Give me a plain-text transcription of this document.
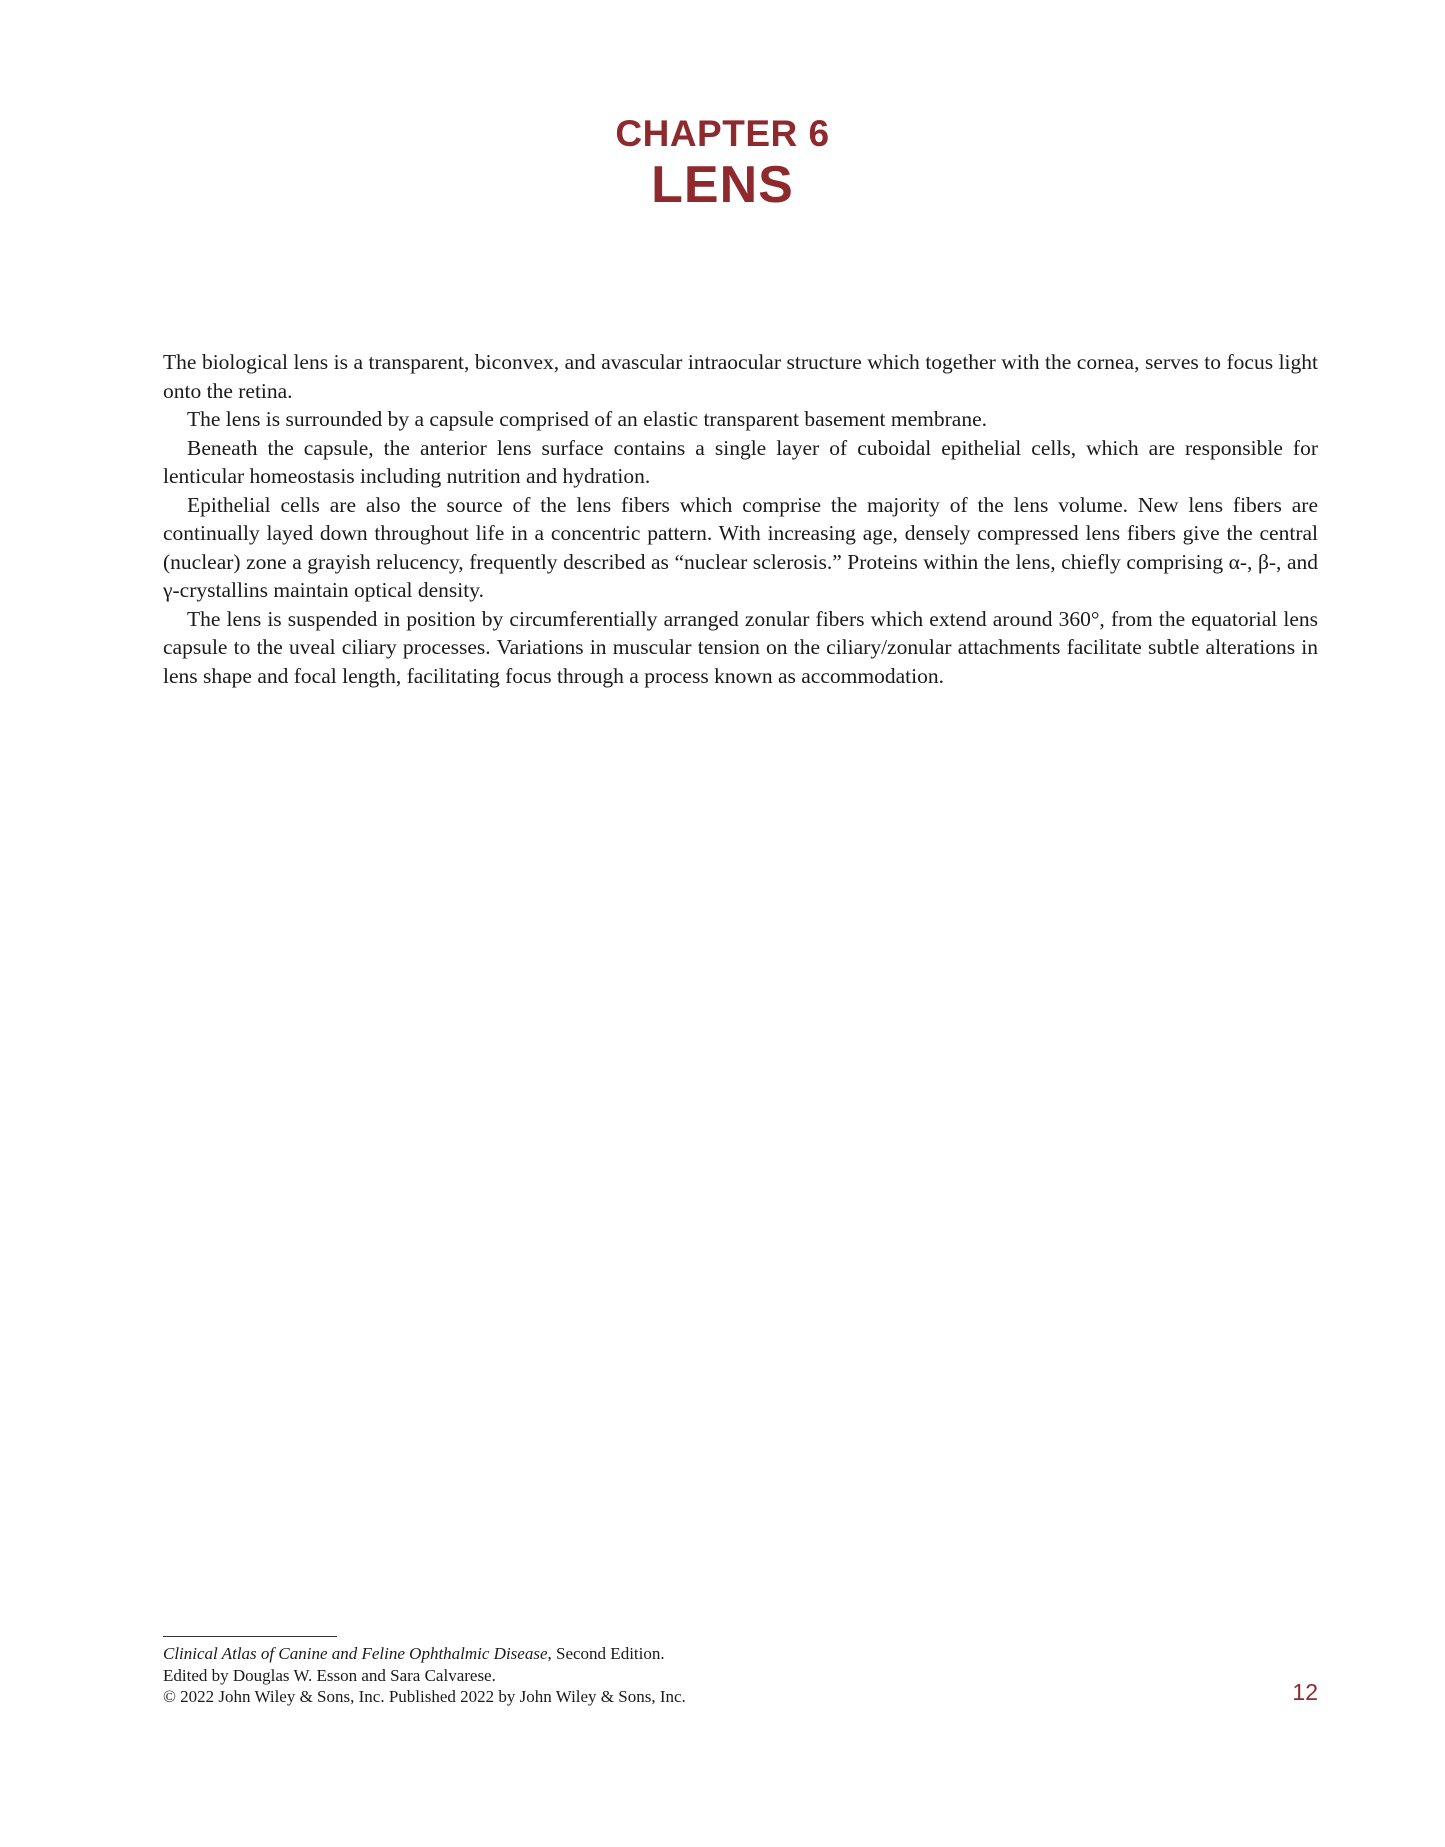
CHAPTER 6
LENS

The biological lens is a transparent, biconvex, and avascular intraocular structure which together with the cornea, serves to focus light onto the retina.

The lens is surrounded by a capsule comprised of an elastic transparent basement membrane.

Beneath the capsule, the anterior lens surface contains a single layer of cuboidal epithelial cells, which are responsible for lenticular homeostasis including nutrition and hydration.

Epithelial cells are also the source of the lens fibers which comprise the majority of the lens volume. New lens fibers are continually layed down throughout life in a concentric pattern. With increasing age, densely compressed lens fibers give the central (nuclear) zone a grayish relucency, frequently described as “nuclear sclerosis.” Proteins within the lens, chiefly comprising α-, β-, and γ-crystallins maintain optical density.

The lens is suspended in position by circumferentially arranged zonular fibers which extend around 360°, from the equatorial lens capsule to the uveal ciliary processes. Variations in muscular tension on the ciliary/zonular attachments facilitate subtle alterations in lens shape and focal length, facilitating focus through a process known as accommodation.

Clinical Atlas of Canine and Feline Ophthalmic Disease, Second Edition.
Edited by Douglas W. Esson and Sara Calvarese.
© 2022 John Wiley & Sons, Inc. Published 2022 by John Wiley & Sons, Inc.	12
